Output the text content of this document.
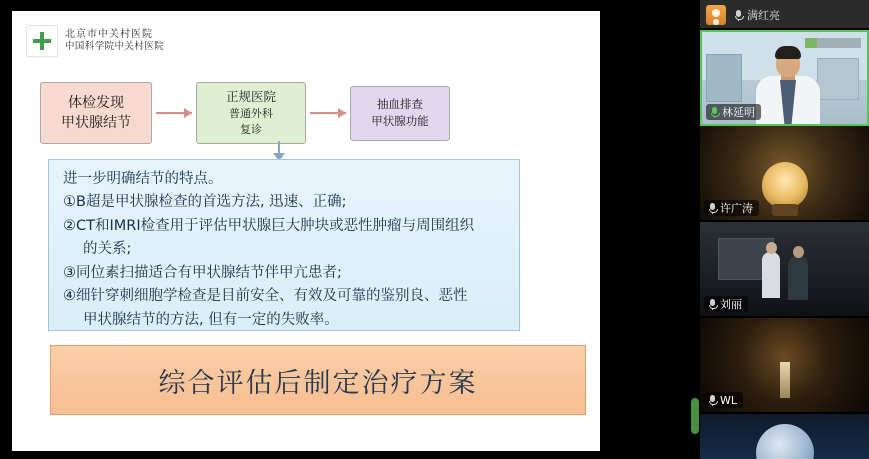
北京市中关村医院
中国科学院中关村医院
体检发现
甲状腺结节
正规医院
普通外科
复诊
抽血排查
甲状腺功能
进一步明确结节的特点。
①B超是甲状腺检查的首选方法, 迅速、正确;
②CT和IMRI检查用于评估甲状腺巨大肿块或恶性肿瘤与周围组织
的关系;
③同位素扫描适合有甲状腺结节伴甲亢患者;
④细针穿刺细胞学检查是目前安全、有效及可靠的鉴别良、恶性
甲状腺结节的方法, 但有一定的失败率。
综合评估后制定治疗方案
满红亮
林延明
许广涛
刘丽
WL
